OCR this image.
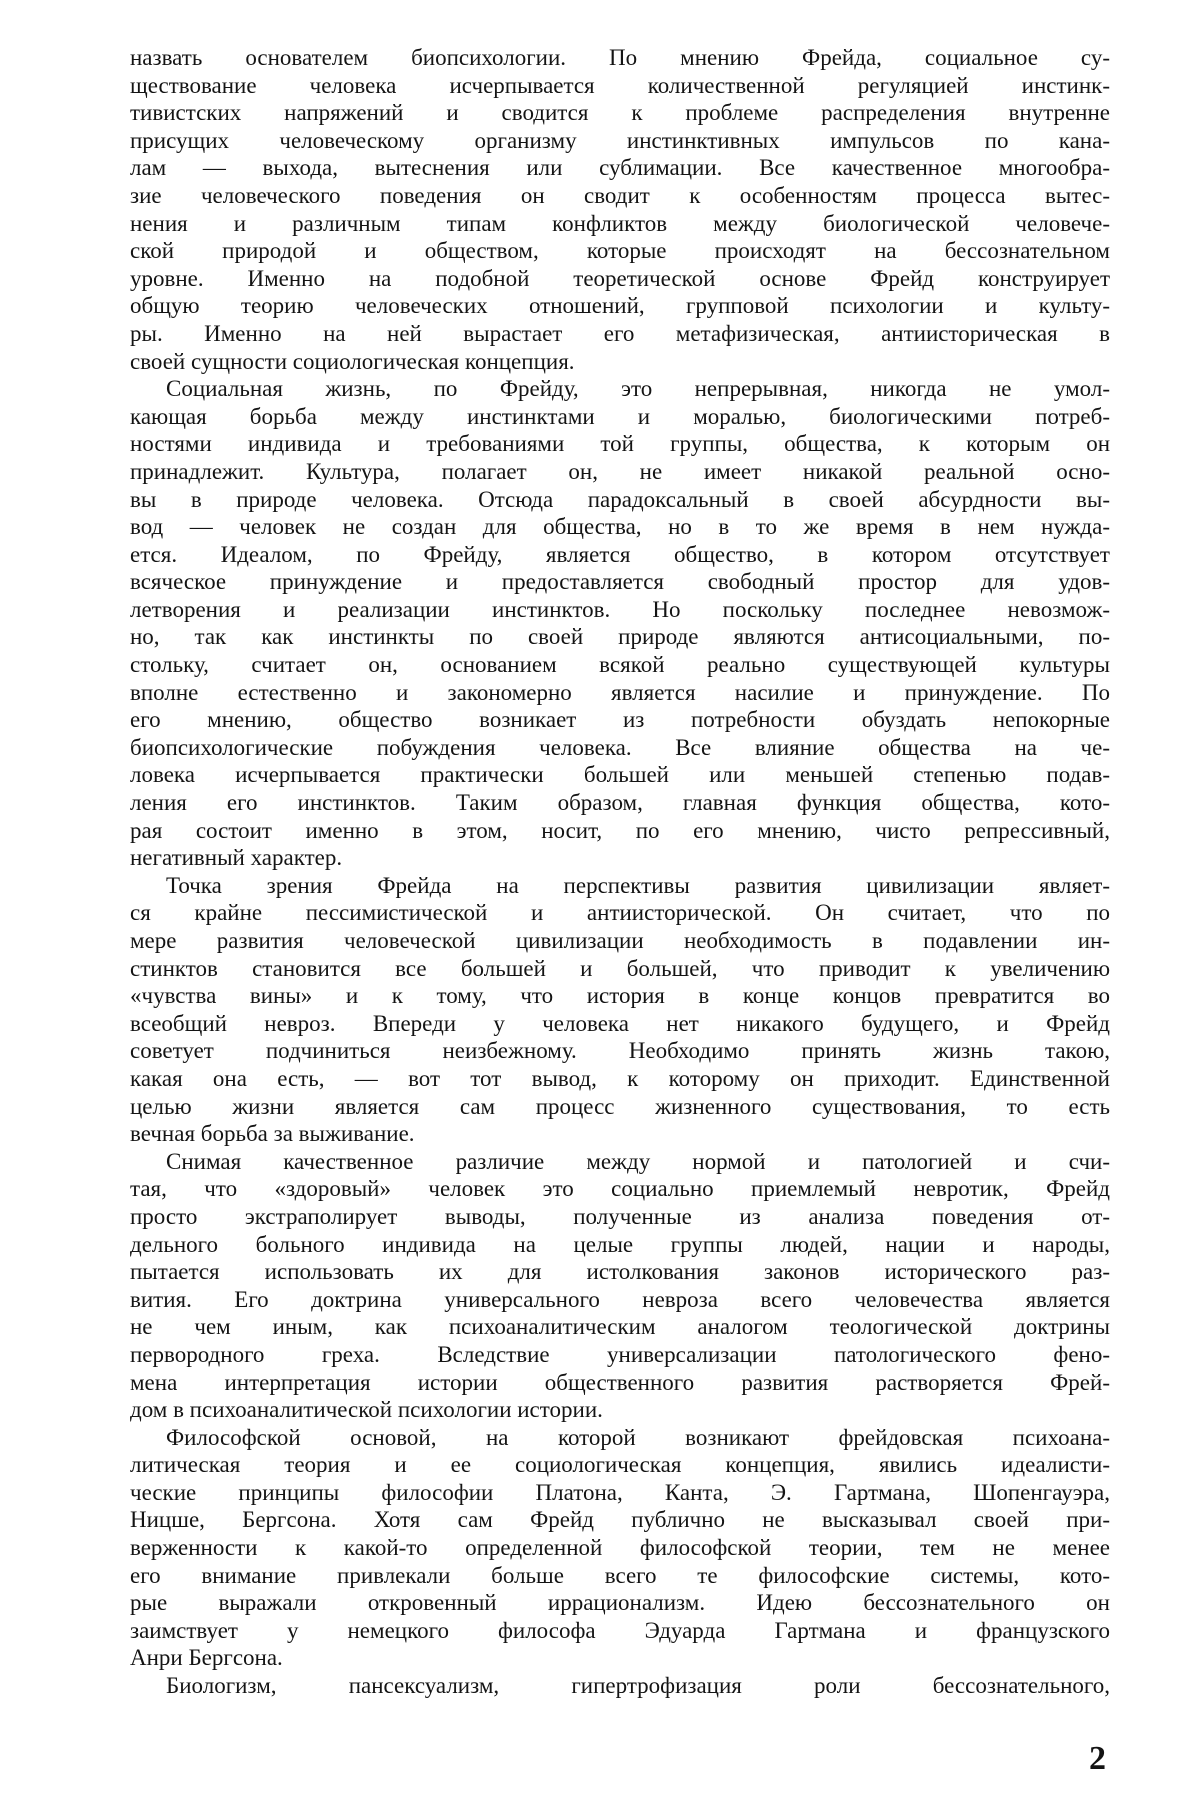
назвать основателем биопсихологии. По мнению Фрейда, социальное су-
ществование человека исчерпывается количественной регуляцией инстинк-
тивистских напряжений и сводится к проблеме распределения внутренне
присущих человеческому организму инстинктивных импульсов по кана-
лам — выхода, вытеснения или сублимации. Все качественное многообра-
зие человеческого поведения он сводит к особенностям процесса вытес-
нения и различным типам конфликтов между биологической человече-
ской природой и обществом, которые происходят на бессознательном
уровне. Именно на подобной теоретической основе Фрейд конструирует
общую теорию человеческих отношений, групповой психологии и культу-
ры. Именно на ней вырастает его метафизическая, антиисторическая в
своей сущности социологическая концепция.
Социальная жизнь, по Фрейду, это непрерывная, никогда не умол-
кающая борьба между инстинктами и моралью, биологическими потреб-
ностями индивида и требованиями той группы, общества, к которым он
принадлежит. Культура, полагает он, не имеет никакой реальной осно-
вы в природе человека. Отсюда парадоксальный в своей абсурдности вы-
вод — человек не создан для общества, но в то же время в нем нужда-
ется. Идеалом, по Фрейду, является общество, в котором отсутствует
всяческое принуждение и предоставляется свободный простор для удов-
летворения и реализации инстинктов. Но поскольку последнее невозмож-
но, так как инстинкты по своей природе являются антисоциальными, по-
стольку, считает он, основанием всякой реально существующей культуры
вполне естественно и закономерно является насилие и принуждение. По
его мнению, общество возникает из потребности обуздать непокорные
биопсихологические побуждения человека. Все влияние общества на че-
ловека исчерпывается практически большей или меньшей степенью подав-
ления его инстинктов. Таким образом, главная функция общества, кото-
рая состоит именно в этом, носит, по его мнению, чисто репрессивный,
негативный характер.
Точка зрения Фрейда на перспективы развития цивилизации являет-
ся крайне пессимистической и антиисторической. Он считает, что по
мере развития человеческой цивилизации необходимость в подавлении ин-
стинктов становится все большей и большей, что приводит к увеличению
«чувства вины» и к тому, что история в конце концов превратится во
всеобщий невроз. Впереди у человека нет никакого будущего, и Фрейд
советует подчиниться неизбежному. Необходимо принять жизнь такою,
какая она есть, — вот тот вывод, к которому он приходит. Единственной
целью жизни является сам процесс жизненного существования, то есть
вечная борьба за выживание.
Снимая качественное различие между нормой и патологией и счи-
тая, что «здоровый» человек это социально приемлемый невротик, Фрейд
просто экстраполирует выводы, полученные из анализа поведения от-
дельного больного индивида на целые группы людей, нации и народы,
пытается использовать их для истолкования законов исторического раз-
вития. Его доктрина универсального невроза всего человечества является
не чем иным, как психоаналитическим аналогом теологической доктрины
первородного греха. Вследствие универсализации патологического фено-
мена интерпретация истории общественного развития растворяется Фрей-
дом в психоаналитической психологии истории.
Философской основой, на которой возникают фрейдовская психоана-
литическая теория и ее социологическая концепция, явились идеалисти-
ческие принципы философии Платона, Канта, Э. Гартмана, Шопенгауэра,
Ницше, Бергсона. Хотя сам Фрейд публично не высказывал своей при-
верженности к какой-то определенной философской теории, тем не менее
его внимание привлекали больше всего те философские системы, кото-
рые выражали откровенный иррационализм. Идею бессознательного он
заимствует у немецкого философа Эдуарда Гартмана и французского
Анри Бергсона.
Биологизм, пансексуализм, гипертрофизация роли бессознательного,
2
